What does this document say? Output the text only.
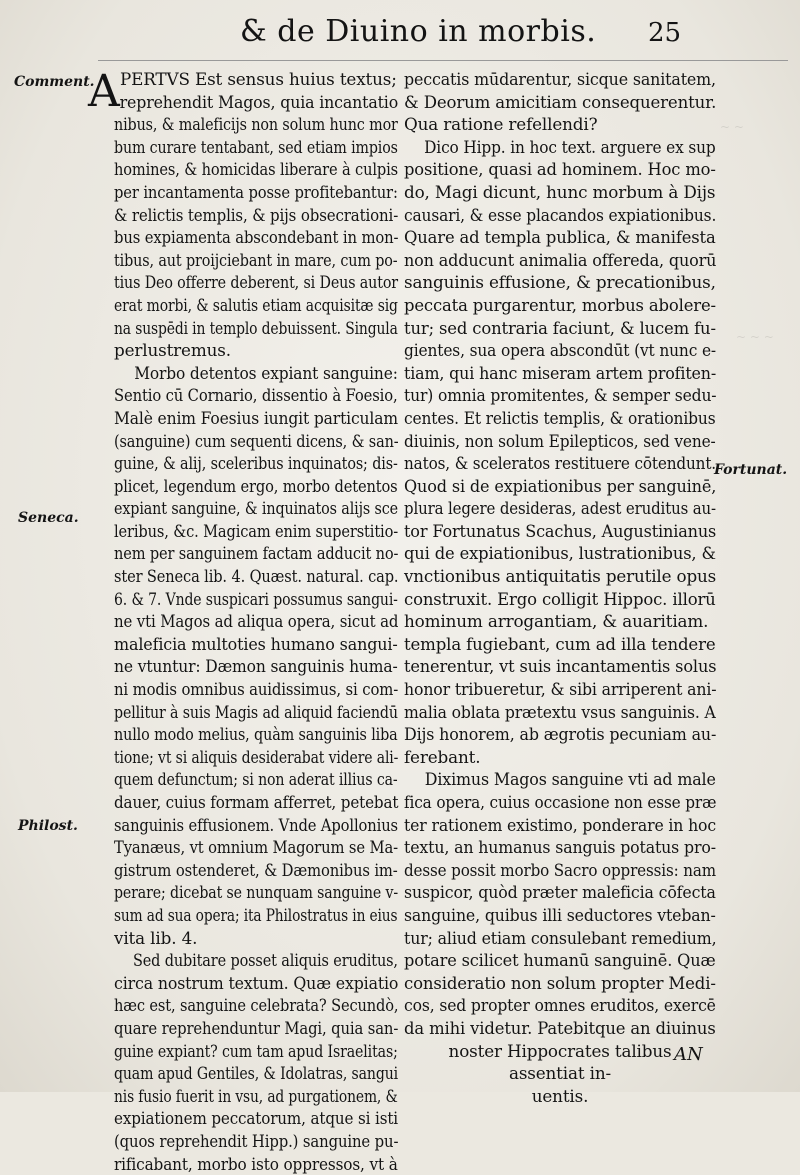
& de Diuino in morbis. 25
Comment.
Seneca.
Philost.
Fortunat.
~ ~ ~
~ ~
A PERTVS Est sensus huius textus;
reprehendit Magos, quia incantatio
nibus, & maleficijs non solum hunc mor
bum curare tentabant, sed etiam impios
homines, & homicidas liberare à culpis
per incantamenta posse profitebantur:
& relictis templis, & pijs obsecrationi-
bus expiamenta abscondebant in mon-
tibus, aut proijciebant in mare, cum po-
tius Deo offerre deberent, si Deus autor
erat morbi, & salutis etiam acquisitæ sig
na suspēdi in templo debuissent. Singula
perlustremus.
Morbo detentos expiant sanguine:
Sentio cū Cornario, dissentio à Foesio,
Malè enim Foesius iungit particulam
(sanguine) cum sequenti dicens, & san-
guine, & alij, sceleribus inquinatos; dis-
plicet, legendum ergo, morbo detentos
expiant sanguine, & inquinatos alijs sce
leribus, &c. Magicam enim superstitio-
nem per sanguinem factam adducit no-
ster Seneca lib. 4. Quæst. natural. cap.
6. & 7. Vnde suspicari possumus sangui-
ne vti Magos ad aliqua opera, sicut ad
maleficia multoties humano sangui-
ne vtuntur: Dæmon sanguinis huma-
ni modis omnibus auidissimus, si com-
pellitur à suis Magis ad aliquid faciendū
nullo modo melius, quàm sanguinis liba
tione; vt si aliquis desiderabat videre ali-
quem defunctum; si non aderat illius ca-
dauer, cuius formam afferret, petebat
sanguinis effusionem. Vnde Apollonius
Tyanæus, vt omnium Magorum se Ma-
gistrum ostenderet, & Dæmonibus im-
perare; dicebat se nunquam sanguine v-
sum ad sua opera; ita Philostratus in eius
vita lib. 4.
Sed dubitare posset aliquis eruditus,
circa nostrum textum. Quæ expiatio
hæc est, sanguine celebrata? Secundò,
quare reprehenduntur Magi, quia san-
guine expiant? cum tam apud Israelitas;
quam apud Gentiles, & Idolatras, sangui
nis fusio fuerit in vsu, ad purgationem, &
expiationem peccatorum, atque si isti
(quos reprehendit Hipp.) sanguine pu-
rificabant, morbo isto oppressos, vt à
peccatis mūdarentur, sicque sanitatem,
& Deorum amicitiam consequerentur.
Qua ratione refellendi?
Dico Hipp. in hoc text. arguere ex sup
positione, quasi ad hominem. Hoc mo-
do, Magi dicunt, hunc morbum à Dijs
causari, & esse placandos expiationibus.
Quare ad templa publica, & manifesta
non adducunt animalia offereda, quorū
sanguinis effusione, & precationibus,
peccata purgarentur, morbus abolere-
tur; sed contraria faciunt, & lucem fu-
gientes, sua opera abscondūt (vt nunc e-
tiam, qui hanc miseram artem profiten-
tur) omnia promitentes, & semper sedu-
centes. Et relictis templis, & orationibus
diuinis, non solum Epilepticos, sed vene-
natos, & sceleratos restituere cōtendunt.
Quod si de expiationibus per sanguinē,
plura legere desideras, adest eruditus au-
tor Fortunatus Scachus, Augustinianus
qui de expiationibus, lustrationibus, &
vnctionibus antiquitatis perutile opus
construxit. Ergo colligit Hippoc. illorū
hominum arrogantiam, & auaritiam.
templa fugiebant, cum ad illa tendere
tenerentur, vt suis incantamentis solus
honor tribueretur, & sibi arriperent ani-
malia oblata prætextu vsus sanguinis. A
Dijs honorem, ab ægrotis pecuniam au-
ferebant.
Diximus Magos sanguine vti ad male
fica opera, cuius occasione non esse præ
ter rationem existimo, ponderare in hoc
textu, an humanus sanguis potatus pro-
desse possit morbo Sacro oppressis: nam
suspicor, quòd præter maleficia cōfecta
sanguine, quibus illi seductores vteban-
tur; aliud etiam consulebant remedium,
potare scilicet humanū sanguinē. Quæ
consideratio non solum propter Medi-
cos, sed propter omnes eruditos, exercē
da mihi videtur. Patebitque an diuinus
noster Hippocrates talibus
assentiat in-
uentis.
AN
